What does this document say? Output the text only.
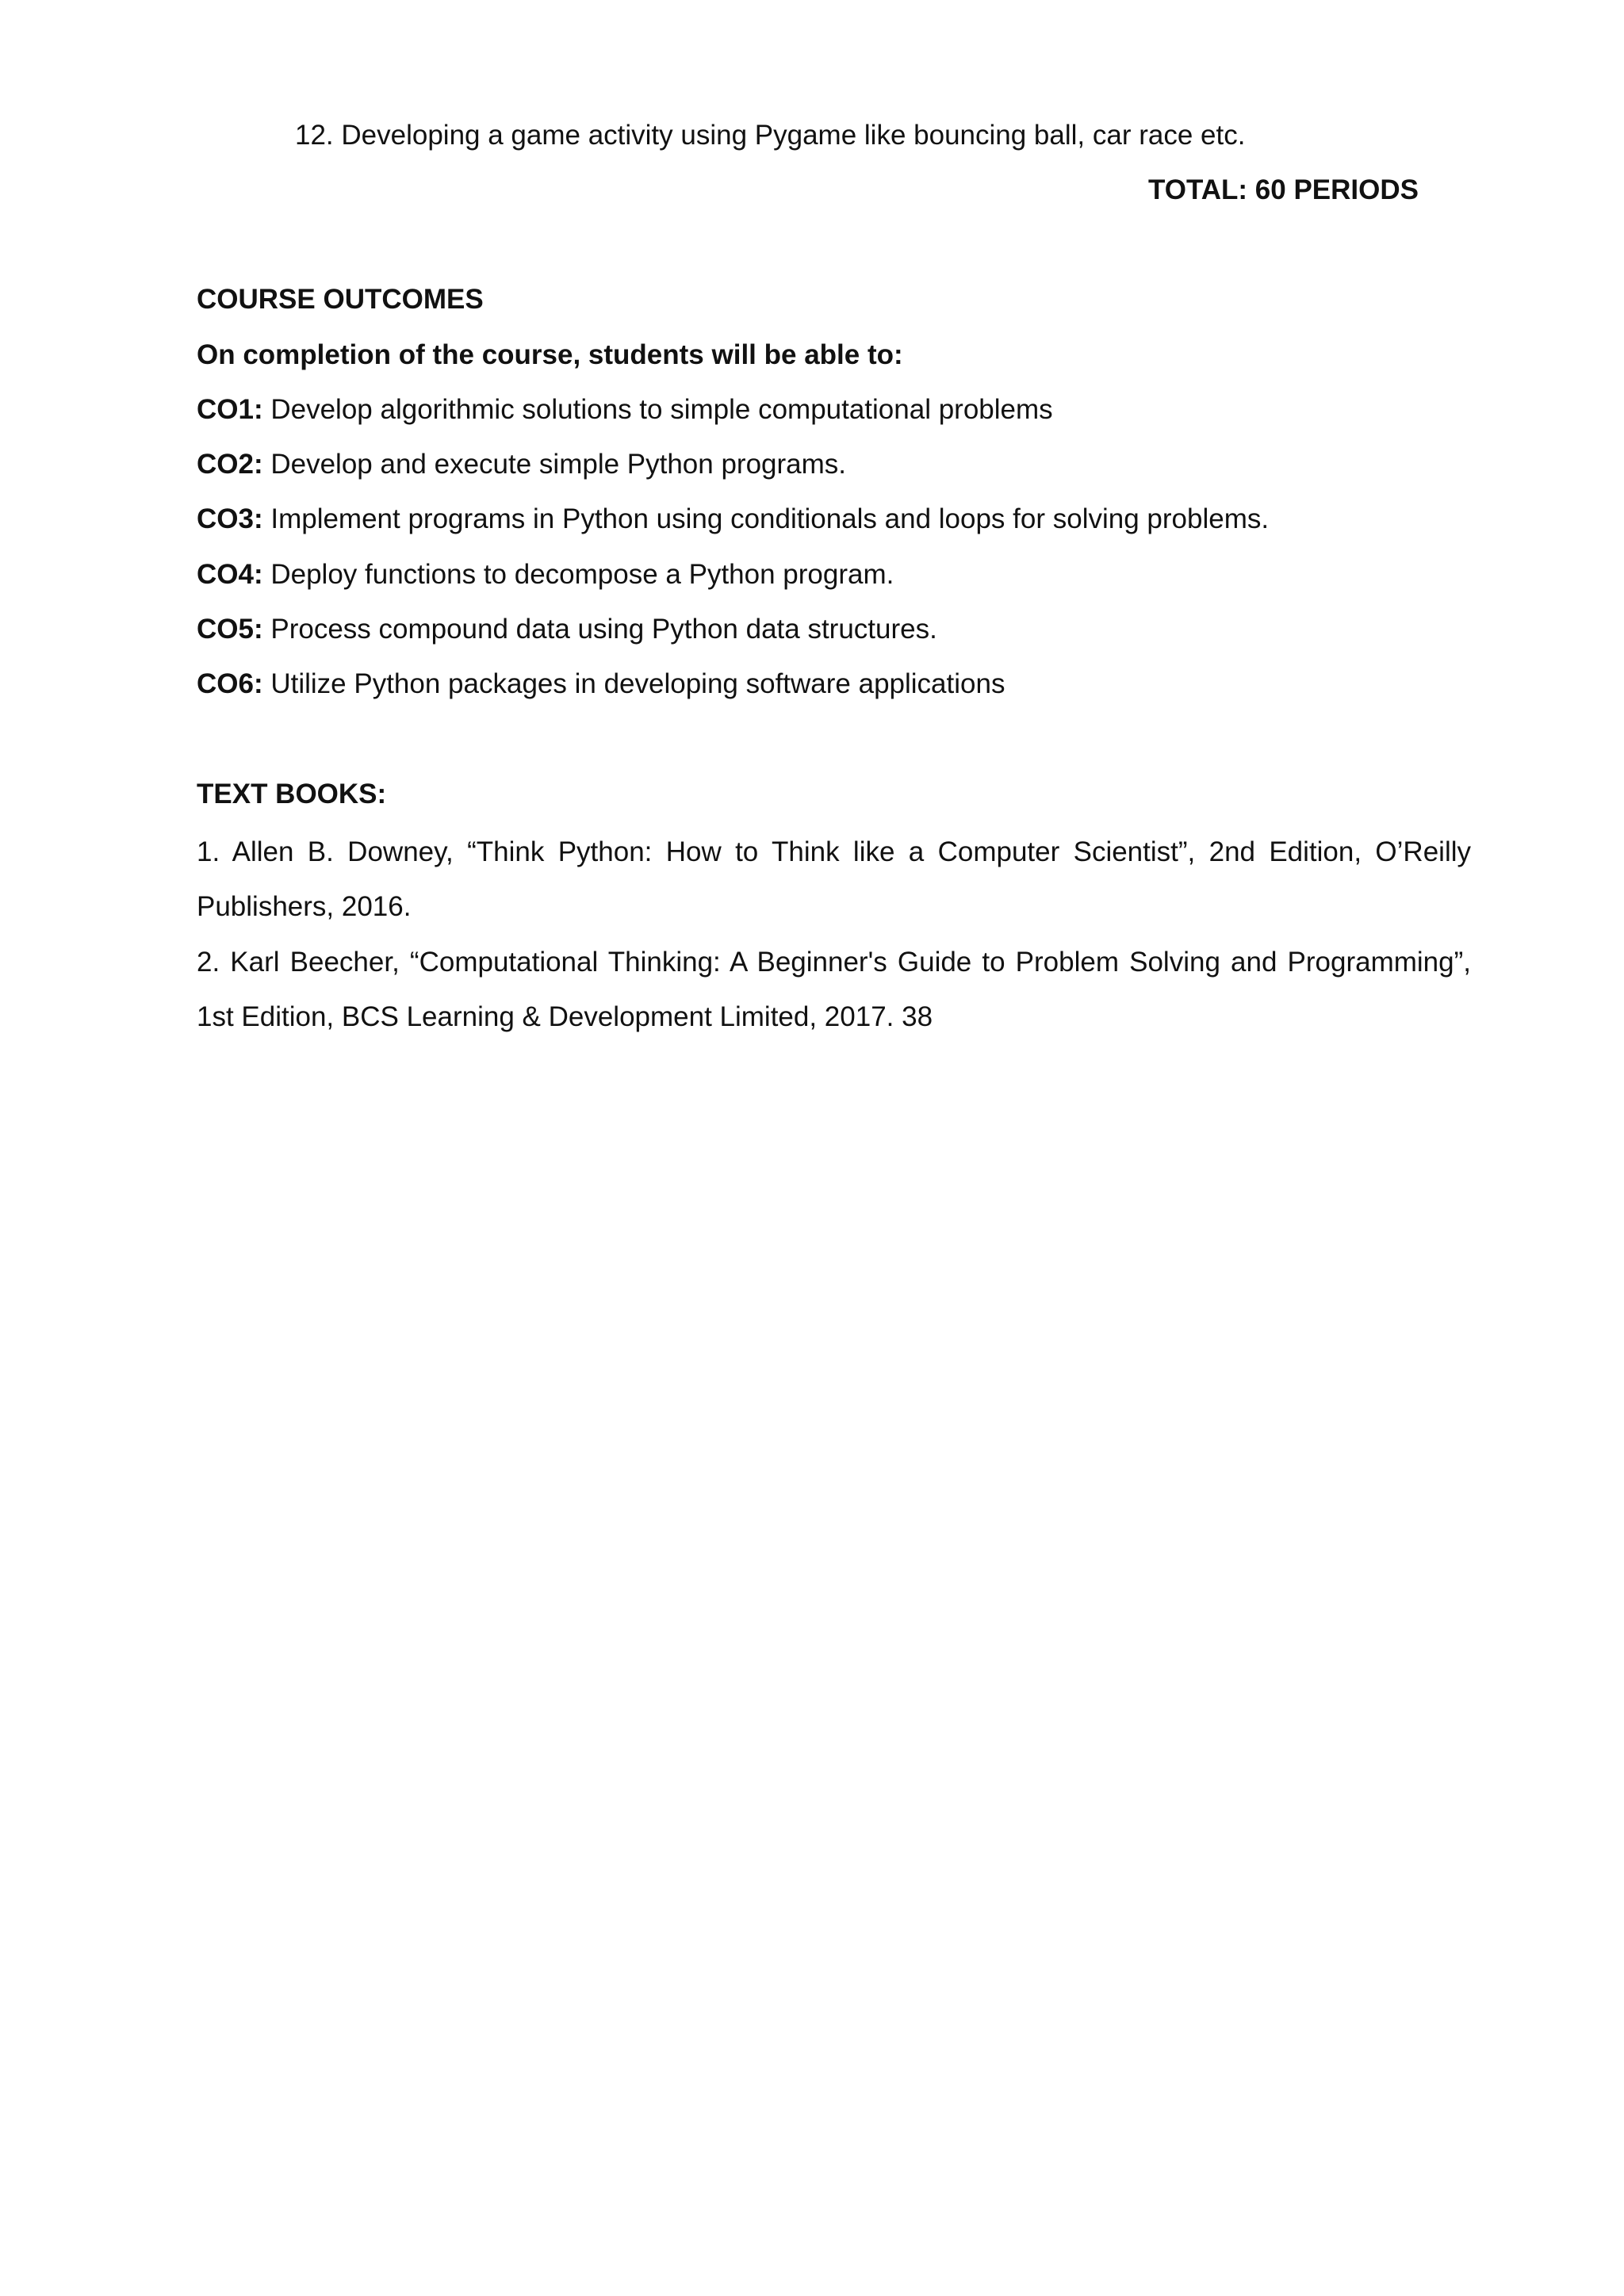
12. Developing a game activity using Pygame like bouncing ball, car race etc.
TOTAL: 60 PERIODS
COURSE OUTCOMES
On completion of the course, students will be able to:
CO1: Develop algorithmic solutions to simple computational problems
CO2: Develop and execute simple Python programs.
CO3: Implement programs in Python using conditionals and loops for solving problems.
CO4: Deploy functions to decompose a Python program.
CO5: Process compound data using Python data structures.
CO6: Utilize Python packages in developing software applications
TEXT BOOKS:
1. Allen B. Downey, “Think Python: How to Think like a Computer Scientist”, 2nd Edition, O’Reilly Publishers, 2016.
2. Karl Beecher, “Computational Thinking: A Beginner's Guide to Problem Solving and Programming”, 1st Edition, BCS Learning & Development Limited, 2017. 38
